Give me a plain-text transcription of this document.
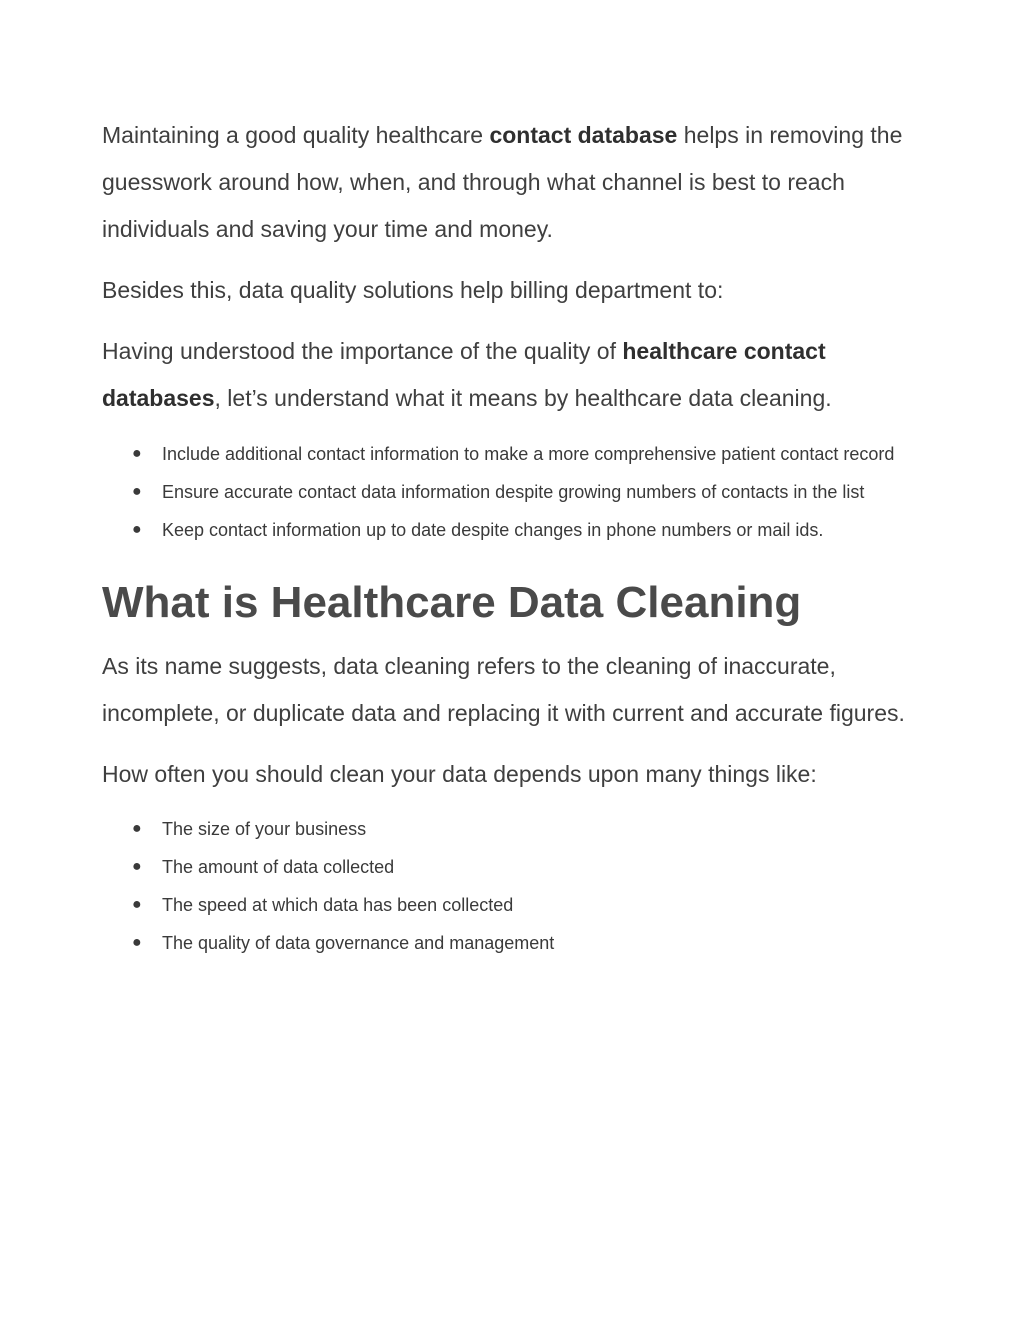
Maintaining a good quality healthcare contact database helps in removing the guesswork around how, when, and through what channel is best to reach individuals and saving your time and money.

Besides this, data quality solutions help billing department to:

Having understood the importance of the quality of healthcare contact databases, let’s understand what it means by healthcare data cleaning.

● Include additional contact information to make a more comprehensive patient contact record
● Ensure accurate contact data information despite growing numbers of contacts in the list
● Keep contact information up to date despite changes in phone numbers or mail ids.
What is Healthcare Data Cleaning

As its name suggests, data cleaning refers to the cleaning of inaccurate, incomplete, or duplicate data and replacing it with current and accurate figures.

How often you should clean your data depends upon many things like:

● The size of your business
● The amount of data collected
● The speed at which data has been collected
● The quality of data governance and management
